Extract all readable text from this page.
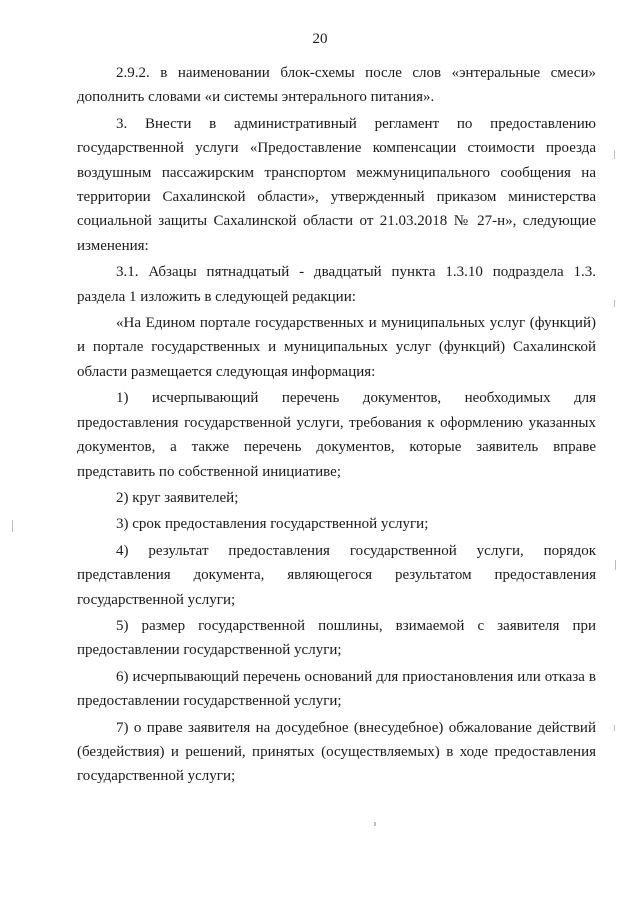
20

2.9.2. в наименовании блок-схемы после слов «энтеральные смеси» дополнить словами «и системы энтерального питания».

3. Внести в административный регламент по предоставлению государственной услуги «Предоставление компенсации стоимости проезда воздушным пассажирским транспортом межмуниципального сообщения на территории Сахалинской области», утвержденный приказом министерства социальной защиты Сахалинской области от 21.03.2018 № 27-н», следующие изменения:

3.1. Абзацы пятнадцатый - двадцатый пункта 1.3.10 подраздела 1.3. раздела 1 изложить в следующей редакции:

«На Едином портале государственных и муниципальных услуг (функций) и портале государственных и муниципальных услуг (функций) Сахалинской области размещается следующая информация:

1) исчерпывающий перечень документов, необходимых для предоставления государственной услуги, требования к оформлению указанных документов, а также перечень документов, которые заявитель вправе представить по собственной инициативе;

2) круг заявителей;

3) срок предоставления государственной услуги;

4) результат предоставления государственной услуги, порядок представления документа, являющегося результатом предоставления государственной услуги;

5) размер государственной пошлины, взимаемой с заявителя при предоставлении государственной услуги;

6) исчерпывающий перечень оснований для приостановления или отказа в предоставлении государственной услуги;

7) о праве заявителя на досудебное (внесудебное) обжалование действий (бездействия) и решений, принятых (осуществляемых) в ходе предоставления государственной услуги;
